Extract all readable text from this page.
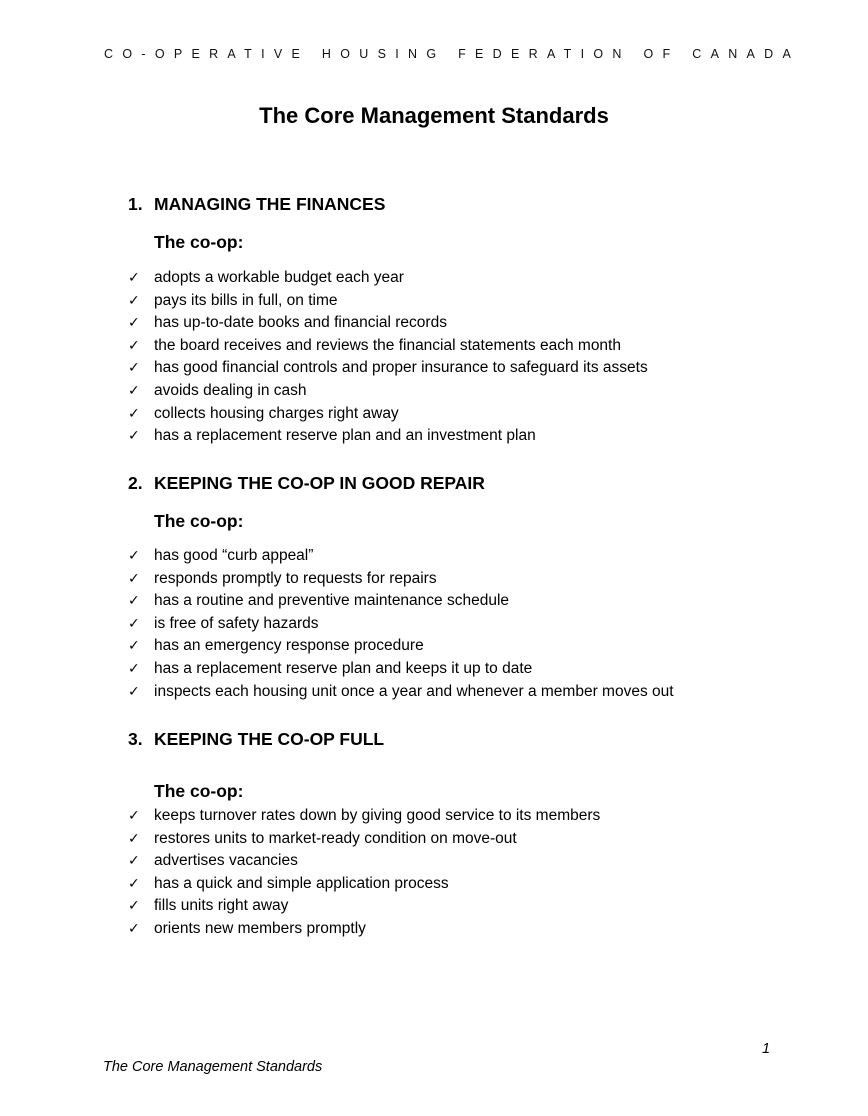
CO-OPERATIVE HOUSING FEDERATION OF CANADA
The Core Management Standards
1. MANAGING THE FINANCES
The co-op:
✓ adopts a workable budget each year
✓ pays its bills in full, on time
✓ has up-to-date books and financial records
✓ the board receives and reviews the financial statements each month
✓ has good financial controls and proper insurance to safeguard its assets
✓ avoids dealing in cash
✓ collects housing charges right away
✓ has a replacement reserve plan and an investment plan
2. KEEPING THE CO-OP IN GOOD REPAIR
The co-op:
✓ has good “curb appeal”
✓ responds promptly to requests for repairs
✓ has a routine and preventive maintenance schedule
✓ is free of safety hazards
✓ has an emergency response procedure
✓ has a replacement reserve plan and keeps it up to date
✓ inspects each housing unit once a year and whenever a member moves out
3. KEEPING THE CO-OP FULL
The co-op:
✓ keeps turnover rates down by giving good service to its members
✓ restores units to market-ready condition on move-out
✓ advertises vacancies
✓ has a quick and simple application process
✓ fills units right away
✓ orients new members promptly
1
The Core Management Standards
